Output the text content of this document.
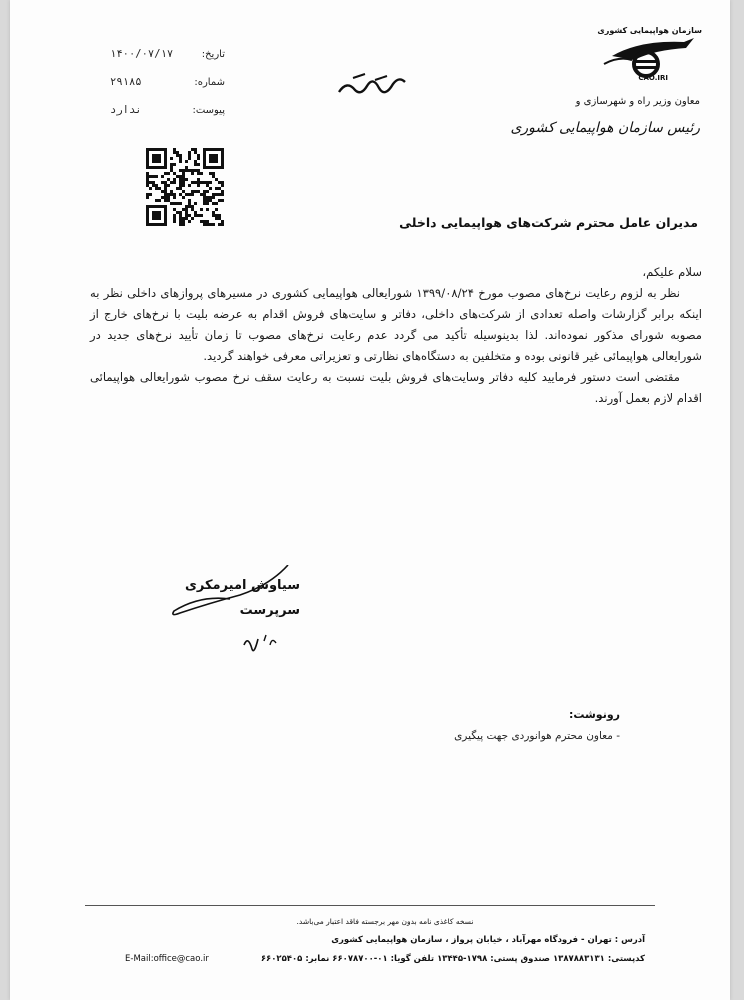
سازمان هواپیمایی کشوری
CAO.IRI
معاون وزیر راه و شهرسازی و
رئیس سازمان هواپیمایی کشوری
تاریخ:
۱۴۰۰/۰۷/۱۷
شماره:
۲۹۱۸۵
پیوست:
ندارد
مدیران عامل محترم شرکت‌های هواپیمایی داخلی

سلام علیکم،

نظر به لزوم رعایت نرخ‌های مصوب مورخ ۱۳۹۹/۰۸/۲۴ شورایعالی هواپیمایی کشوری در مسیرهای پروازهای داخلی نظر به اینکه برابر گزارشات واصله تعدادی از شرکت‌های داخلی، دفاتر و سایت‌های فروش اقدام به عرضه بلیت با نرخ‌های خارج از مصوبه شورای مذکور نموده‌اند. لذا بدینوسیله تأکید می گردد عدم رعایت نرخ‌های مصوب تا زمان تأیید نرخ‌های جدید در شورایعالی هواپیمائی غیر قانونی بوده و متخلفین به دستگاه‌های نظارتی و تعزیراتی معرفی خواهند گردید.

مقتضی است دستور فرمایید کلیه دفاتر وسایت‌های فروش بلیت نسبت به رعایت سقف نرخ مصوب شورایعالی هواپیمائی اقدام لازم بعمل آورند.

سیاوش امیرمکری
سرپرست
رونوشت:
- معاون محترم هوانوردی جهت پیگیری
نسخه کاغذی نامه بدون مهر برجسته فاقد اعتبار می‌باشد.
آدرس : تهران - فرودگاه مهرآباد ، خیابان پرواز ، سازمان هواپیمایی کشوری
کدپستی: ۱۳۸۷۸۸۳۱۳۱ صندوق پستی: ۱۷۹۸-۱۳۴۴۵ تلفن گویا: ۰۱-۶۶۰۷۸۷۰۰ نمابر: ۶۶۰۲۵۴۰۵
E-Mail:office@cao.ir
